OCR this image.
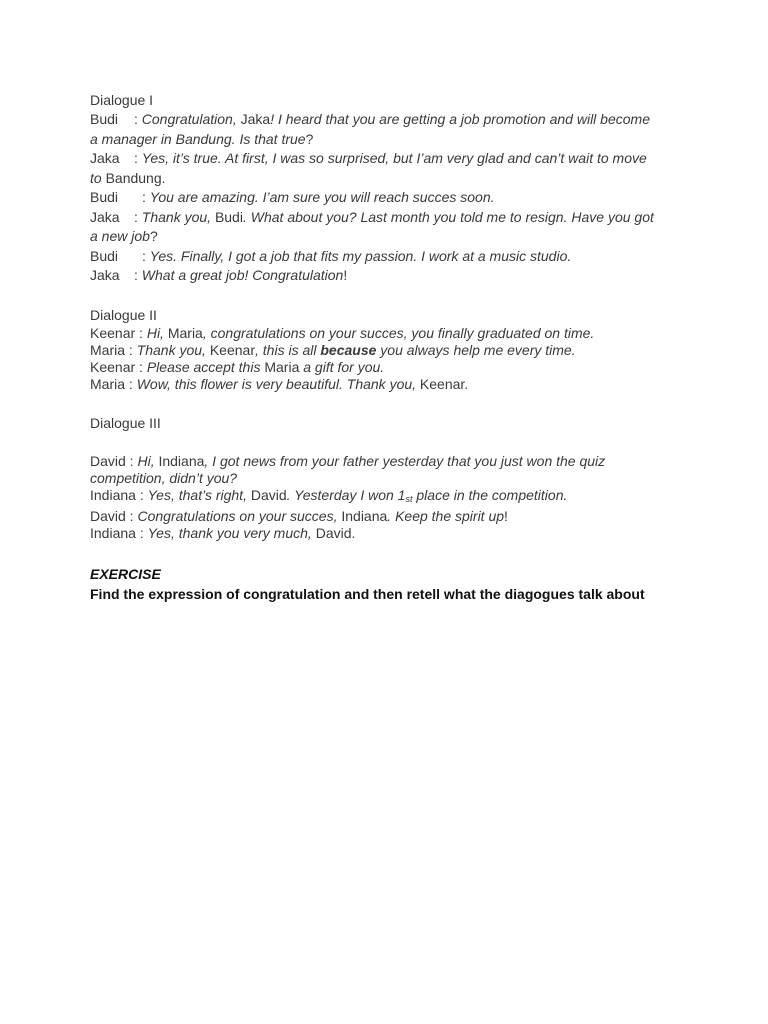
Dialogue I

Budi : Congratulation, Jaka! I heard that you are getting a job promotion and will become
a manager in Bandung. Is that true?

Jaka : Yes, it’s true. At first, I was so surprised, but I’am very glad and can’t wait to move
to Bandung.

Budi : You are amazing. I’am sure you will reach succes soon.

Jaka : Thank you, Budi. What about you? Last month you told me to resign. Have you got
a new job?

Budi : Yes. Finally, I got a job that fits my passion. I work at a music studio.

Jaka : What a great job! Congratulation!

Dialogue II

Keenar : Hi, Maria, congratulations on your succes, you finally graduated on time.

Maria : Thank you, Keenar, this is all because you always help me every time.

Keenar : Please accept this Maria a gift for you.

Maria : Wow, this flower is very beautiful. Thank you, Keenar.

Dialogue III

David : Hi, Indiana, I got news from your father yesterday that you just won the quiz
competition, didn’t you?

Indiana : Yes, that’s right, David. Yesterday I won $1_{st}$ place in the competition.

David : Congratulations on your succes, Indiana. Keep the spirit up!

Indiana : Yes, thank you very much, David.

EXERCISE
Find the expression of congratulation and then retell what the diagogues talk about
